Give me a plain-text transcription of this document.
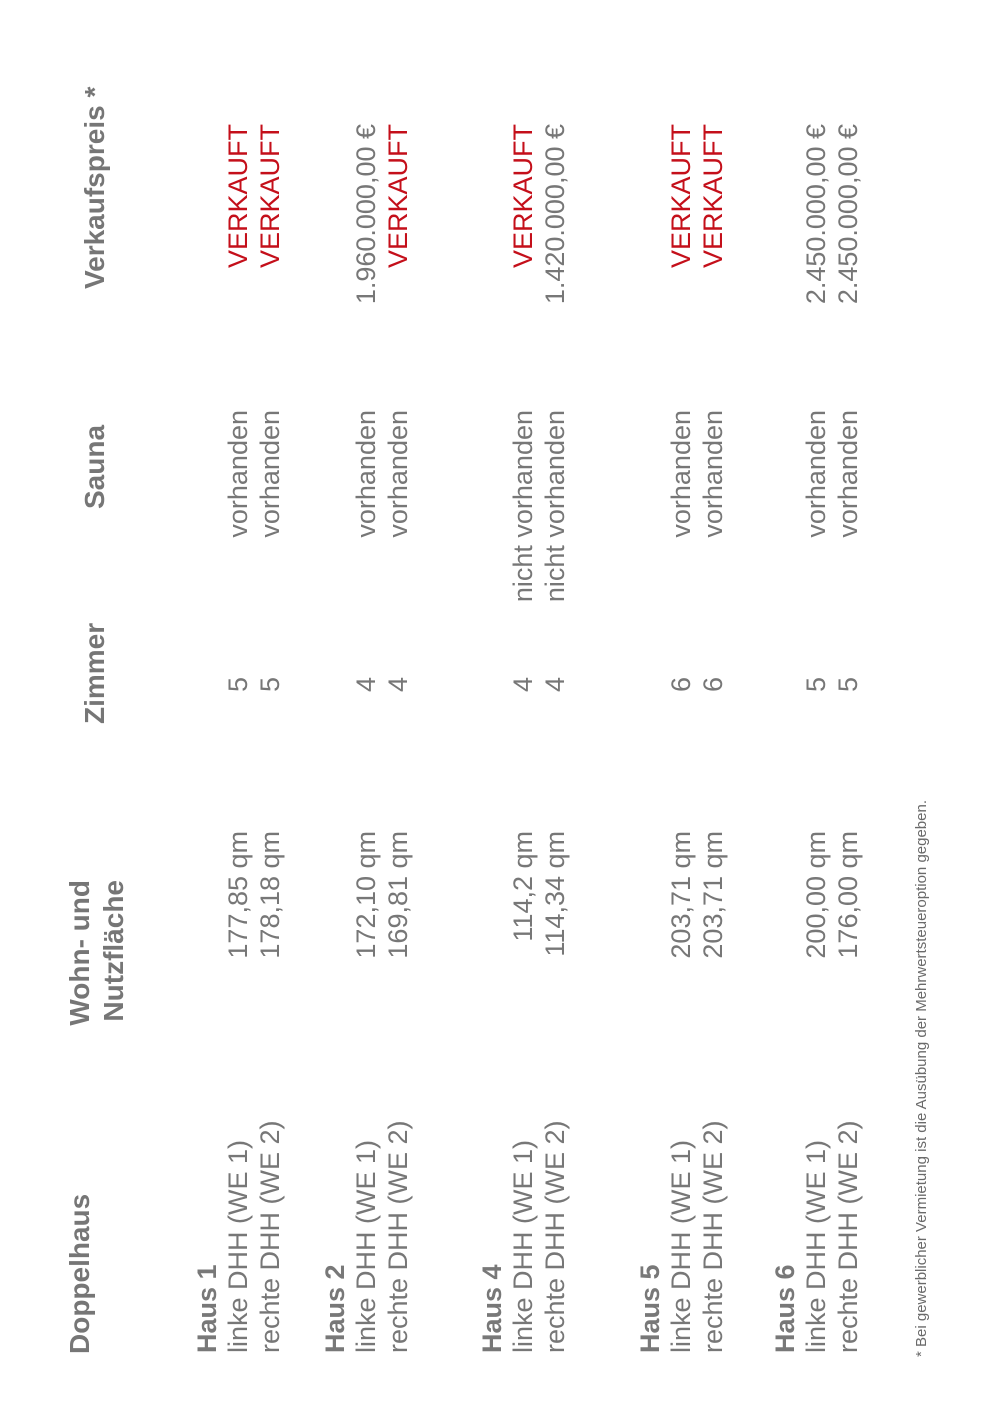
Doppelhaus
Wohn- und Nutzfläche
Zimmer
Sauna
Verkaufspreis *
Haus 1 linke DHH (WE 1)
177,85 qm
5
vorhanden
VERKAUFT
rechte DHH (WE 2)
178,18 qm
5
vorhanden
VERKAUFT
Haus 2 linke DHH (WE 1)
172,10 qm
4
vorhanden
1.960.000,00 €
rechte DHH (WE 2)
169,81 qm
4
vorhanden
VERKAUFT
Haus 4 linke DHH (WE 1)
114,2 qm
4
nicht vorhanden
VERKAUFT
rechte DHH (WE 2)
114,34 qm
4
nicht vorhanden
1.420.000,00 €
Haus 5 linke DHH (WE 1)
203,71 qm
6
vorhanden
VERKAUFT
rechte DHH (WE 2)
203,71 qm
6
vorhanden
VERKAUFT
Haus 6 linke DHH (WE 1)
200,00 qm
5
vorhanden
2.450.000,00 €
rechte DHH (WE 2)
176,00 qm
5
vorhanden
2.450.000,00 €
* Bei gewerblicher Vermietung ist die Ausübung der Mehrwertsteueroption gegeben.
